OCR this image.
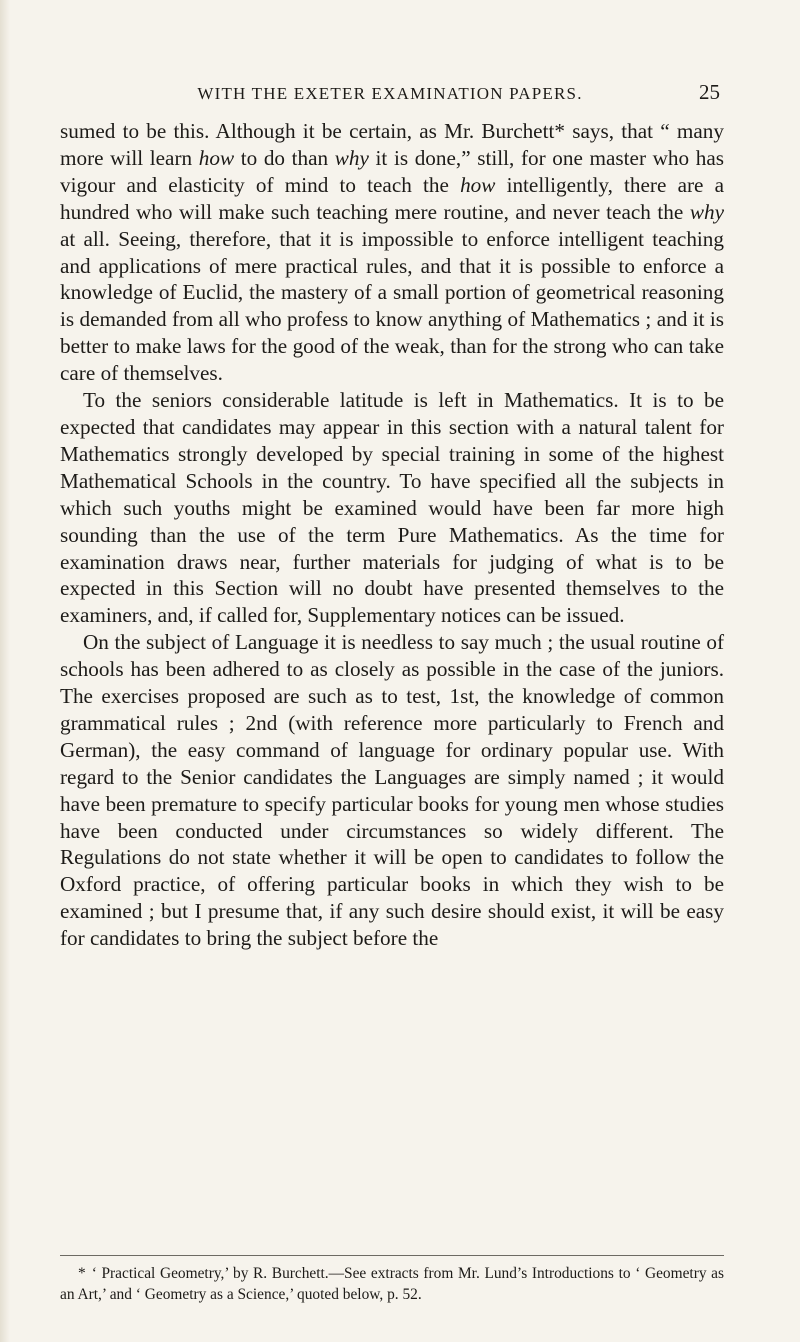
WITH THE EXETER EXAMINATION PAPERS.	25

sumed to be this. Although it be certain, as Mr. Burchett* says, that “ many more will learn how to do than why it is done,” still, for one master who has vigour and elasticity of mind to teach the how intelligently, there are a hundred who will make such teaching mere routine, and never teach the why at all. Seeing, therefore, that it is impossible to enforce intelligent teaching and applications of mere practical rules, and that it is possible to enforce a knowledge of Euclid, the mastery of a small portion of geometrical reasoning is demanded from all who profess to know anything of Mathematics ; and it is better to make laws for the good of the weak, than for the strong who can take care of themselves.

To the seniors considerable latitude is left in Mathematics. It is to be expected that candidates may appear in this section with a natural talent for Mathematics strongly developed by special training in some of the highest Mathematical Schools in the country. To have specified all the subjects in which such youths might be examined would have been far more high sounding than the use of the term Pure Mathematics. As the time for examination draws near, further materials for judging of what is to be expected in this Section will no doubt have presented themselves to the examiners, and, if called for, Supplementary notices can be issued.

On the subject of Language it is needless to say much ; the usual routine of schools has been adhered to as closely as possible in the case of the juniors. The exercises proposed are such as to test, 1st, the knowledge of common grammatical rules ; 2nd (with reference more particularly to French and German), the easy command of language for ordinary popular use. With regard to the Senior candidates the Languages are simply named ; it would have been premature to specify particular books for young men whose studies have been conducted under circumstances so widely different. The Regulations do not state whether it will be open to candidates to follow the Oxford practice, of offering particular books in which they wish to be examined ; but I presume that, if any such desire should exist, it will be easy for candidates to bring the subject before the

* ‘ Practical Geometry,’ by R. Burchett.—See extracts from Mr. Lund’s Introductions to ‘ Geometry as an Art,’ and ‘ Geometry as a Science,’ quoted below, p. 52.
